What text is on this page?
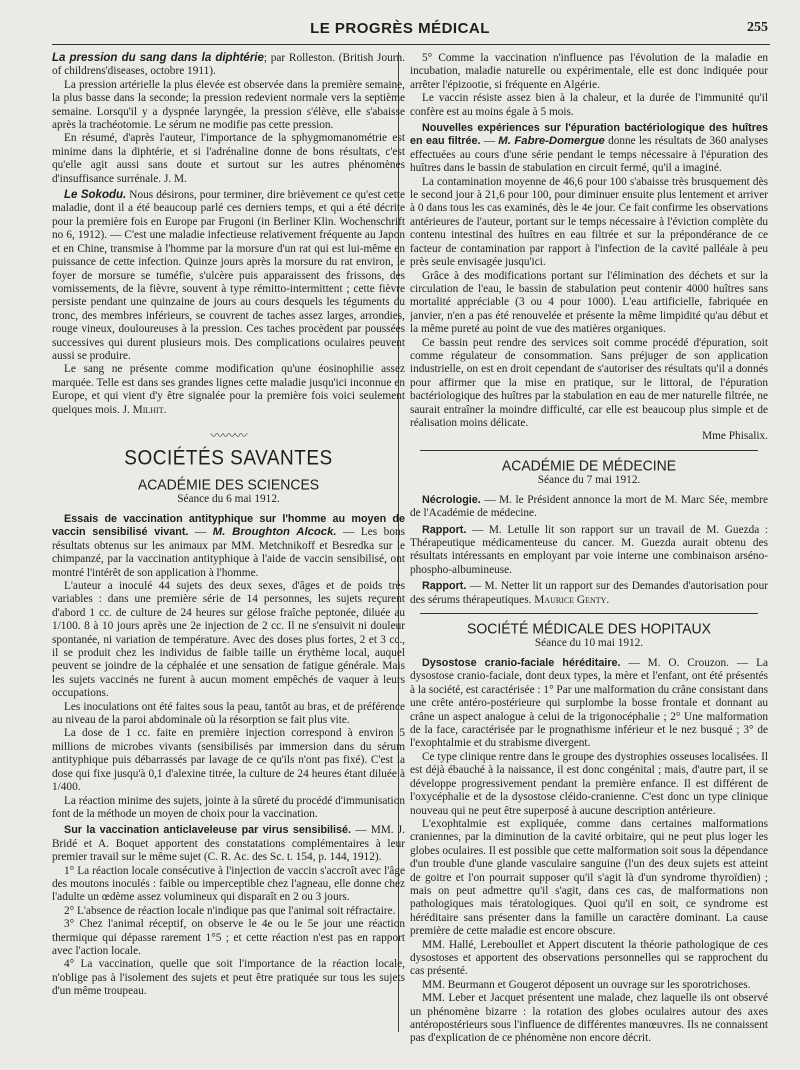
LE PROGRÈS MÉDICAL	255

La pression du sang dans la diphtérie; par Rolleston. (British Journ. of childrens'diseases, octobre 1911).

La pression artérielle la plus élevée est observée dans la première semaine, la plus basse dans la seconde; la pression redevient normale vers la septième semaine. Lorsqu'il y a dyspnée laryngée, la pression s'élève, elle s'abaisse après la trachéotomie. Le sérum ne modifie pas cette pression.

En résumé, d'après l'auteur, l'importance de la sphygmomanométrie est minime dans la diphtérie, et si l'adrénaline donne de bons résultats, c'est qu'elle agit aussi sans doute et surtout sur les autres phénomènes d'insuffisance surrénale. J. M.

Le Sokodu. Nous désirons, pour terminer, dire brièvement ce qu'est cette maladie, dont il a été beaucoup parlé ces derniers temps, et qui a été décrite pour la première fois en Europe par Frugoni (in Berliner Klin. Wochenschrift no 6, 1912). — C'est une maladie infectieuse relativement fréquente au Japon et en Chine, transmise à l'homme par la morsure d'un rat qui est lui-même en puissance de cette infection. Quinze jours après la morsure du rat environ, le foyer de morsure se tuméfie, s'ulcère puis apparaissent des frissons, des vomissements, de la fièvre, souvent à type rémitto-intermittent ; cette fièvre persiste pendant une quinzaine de jours au cours desquels les téguments du tronc, des membres inférieurs, se couvrent de taches assez larges, arrondies, rouge vineux, douloureuses à la pression. Ces taches procèdent par poussées successives qui durent plusieurs mois. Des complications oculaires peuvent aussi se produire.

Le sang ne présente comme modification qu'une éosinophilie assez marquée. Telle est dans ses grandes lignes cette maladie jusqu'ici inconnue en Europe, et qui vient d'y être signalée pour la première fois voici seulement quelques mois. J. Milhit.

〰〰〰
SOCIÉTÉS SAVANTES
ACADÉMIE DES SCIENCES
Séance du 6 mai 1912.

Essais de vaccination antityphique sur l'homme au moyen de vaccin sensibilisé vivant. — M. Broughton Alcock. — Les bons résultats obtenus sur les animaux par MM. Metchnikoff et Besredka sur le chimpanzé, par la vaccination antityphique à l'aide de vaccin sensibilisé, ont montré l'intérêt de son application à l'homme.

L'auteur a inoculé 44 sujets des deux sexes, d'âges et de poids très variables : dans une première série de 14 personnes, les sujets reçurent d'abord 1 cc. de culture de 24 heures sur gélose fraîche peptonée, diluée au 1/100. 8 à 10 jours après une 2e injection de 2 cc. Il ne s'ensuivit ni douleur spontanée, ni variation de température. Avec des doses plus fortes, 2 et 3 cc., il se produit chez les individus de faible taille un érythème local, auquel peuvent se joindre de la céphalée et une sensation de fatigue générale. Mais les sujets vaccinés ne furent à aucun moment empêchés de vaquer à leurs occupations.

Les inoculations ont été faites sous la peau, tantôt au bras, et de préférence au niveau de la paroi abdominale où la résorption se fait plus vite.

La dose de 1 cc. faite en première injection correspond à environ 5 millions de microbes vivants (sensibilisés par immersion dans du sérum antityphique puis débarrassés par lavage de ce qu'ils n'ont pas fixé). C'est la dose qui fixe jusqu'à 0,1 d'alexine titrée, la culture de 24 heures étant diluée à 1/400.

La réaction minime des sujets, jointe à la sûreté du procédé d'immunisation font de la méthode un moyen de choix pour la vaccination.

Sur la vaccination anticlaveleuse par virus sensibilisé. — MM. J. Bridé et A. Boquet apportent des constatations complémentaires à leur premier travail sur le même sujet (C. R. Ac. des Sc. t. 154, p. 144, 1912).

1° La réaction locale consécutive à l'injection de vaccin s'accroît avec l'âge des moutons inoculés : faible ou imperceptible chez l'agneau, elle donne chez l'adulte un œdème assez volumineux qui disparaît en 2 ou 3 jours.

2° L'absence de réaction locale n'indique pas que l'animal soit réfractaire.

3° Chez l'animal réceptif, on observe le 4e ou le 5e jour une réaction thermique qui dépasse rarement 1°5 ; et cette réaction n'est pas en rapport avec l'action locale.

4° La vaccination, quelle que soit l'importance de la réaction locale, n'oblige pas à l'isolement des sujets et peut être pratiquée sur tous les sujets d'un même troupeau.

5° Comme la vaccination n'influence pas l'évolution de la maladie en incubation, maladie naturelle ou expérimentale, elle est donc indiquée pour arrêter l'épizootie, si fréquente en Algérie.

Le vaccin résiste assez bien à la chaleur, et la durée de l'immunité qu'il confère est au moins égale à 5 mois.

Nouvelles expériences sur l'épuration bactériologique des huîtres en eau filtrée. — M. Fabre-Domergue donne les résultats de 360 analyses effectuées au cours d'une série pendant le temps nécessaire à l'épuration des huîtres dans le bassin de stabulation en circuit fermé, qu'il a imaginé.

La contamination moyenne de 46,6 pour 100 s'abaisse très brusquement dès le second jour à 21,6 pour 100, pour diminuer ensuite plus lentement et arriver à 0 dans tous les cas examinés, dès le 4e jour. Ce fait confirme les observations antérieures de l'auteur, portant sur le temps nécessaire à l'éviction complète du contenu intestinal des huîtres en eau filtrée et sur la prépondérance de ce facteur de contamination par rapport à l'infection de la cavité palléale à peu près seule envisagée jusqu'ici.

Grâce à des modifications portant sur l'élimination des déchets et sur la circulation de l'eau, le bassin de stabulation peut contenir 4000 huîtres sans mortalité appréciable (3 ou 4 pour 1000). L'eau artificielle, fabriquée en janvier, n'en a pas été renouvelée et présente la même limpidité qu'au début et la même pureté au point de vue des matières organiques.

Ce bassin peut rendre des services soit comme procédé d'épuration, soit comme régulateur de consommation. Sans préjuger de son application industrielle, on est en droit cependant de s'autoriser des résultats qu'il a donnés pour affirmer que la mise en pratique, sur le littoral, de l'épuration bactériologique des huîtres par la stabulation en eau de mer naturelle filtrée, ne saurait entraîner la moindre difficulté, car elle est beaucoup plus simple et de réalisation moins délicate.

Mme Phisalix.

ACADÉMIE DE MÉDECINE
Séance du 7 mai 1912.

Nécrologie. — M. le Président annonce la mort de M. Marc Sée, membre de l'Académie de médecine.

Rapport. — M. Letulle lit son rapport sur un travail de M. Guezda : Thérapeutique médicamenteuse du cancer. M. Guezda aurait obtenu des résultats intéressants en employant par voie interne une combinaison arséno-phospho-albumineuse.

Rapport. — M. Netter lit un rapport sur des Demandes d'autorisation pour des sérums thérapeutiques. Maurice Genty.

SOCIÉTÉ MÉDICALE DES HOPITAUX
Séance du 10 mai 1912.

Dysostose cranio-faciale héréditaire. — M. O. Crouzon. — La dysostose cranio-faciale, dont deux types, la mère et l'enfant, ont été présentés à la société, est caractérisée : 1° Par une malformation du crâne consistant dans une crête antéro-postérieure qui surplombe la bosse frontale et donnant au crâne un aspect analogue à celui de la trigonocéphalie ; 2° Une malformation de la face, caractérisée par le prognathisme inférieur et le nez busqué ; 3° de l'exophtalmie et du strabisme divergent.

Ce type clinique rentre dans le groupe des dystrophies osseuses localisées. Il est déjà ébauché à la naissance, il est donc congénital ; mais, d'autre part, il se développe progressivement pendant la première enfance. Il est différent de l'oxycéphalie et de la dysostose cléido-cranienne. C'est donc un type clinique nouveau qui ne peut être superposé à aucune description antérieure.

L'exophtalmie est expliquée, comme dans certaines malformations craniennes, par la diminution de la cavité orbitaire, qui ne peut plus loger les globes oculaires. Il est possible que cette malformation soit sous la dépendance d'un trouble d'une glande vasculaire sanguine (l'un des deux sujets est atteint de goitre et l'on pourrait supposer qu'il s'agit là d'un syndrome thyroïdien) ; mais on peut admettre qu'il s'agit, dans ces cas, de malformations non pathologiques mais tératologiques. Quoi qu'il en soit, ce syndrome est héréditaire sans présenter dans la famille un caractère dominant. La cause première de cette maladie est encore obscure.

MM. Hallé, Lereboullet et Appert discutent la théorie pathologique de ces dysostoses et apportent des observations personnelles qui se rapprochent du cas présenté.

MM. Beurmann et Gougerot déposent un ouvrage sur les sporotrichoses.

MM. Leber et Jacquet présentent une malade, chez laquelle ils ont observé un phénomène bizarre : la rotation des globes oculaires autour des axes antéropostérieurs sous l'influence de différentes manœuvres. Ils ne connaissent pas d'explication de ce phénomène non encore décrit.
